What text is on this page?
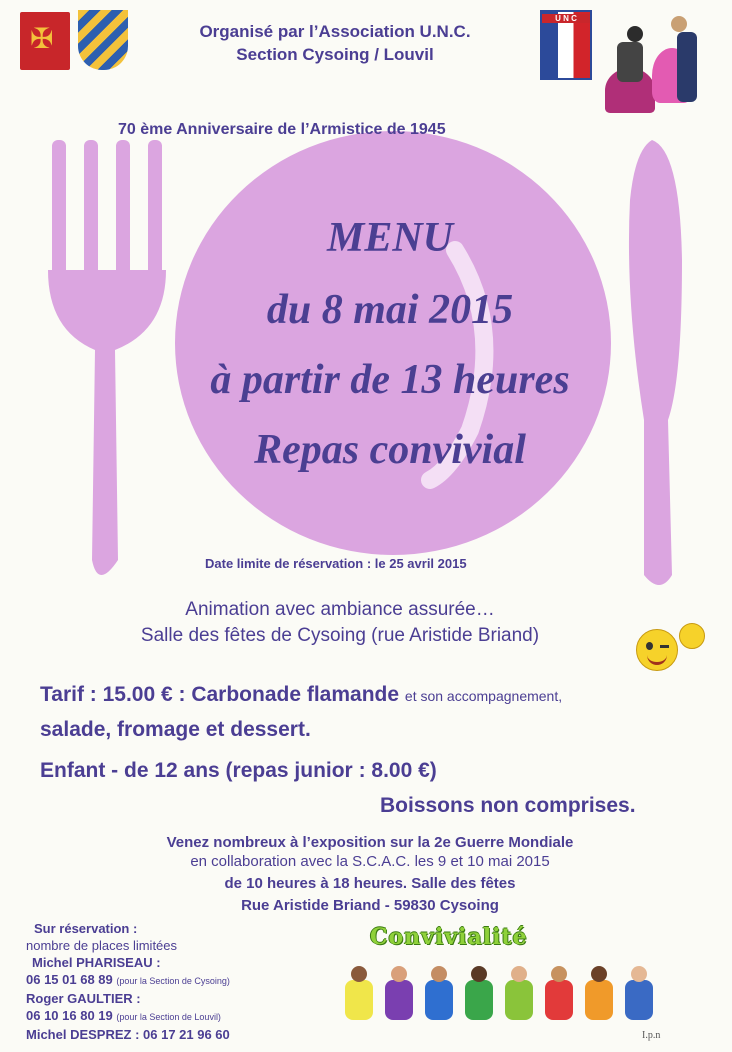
✠	Organisé par l’Association U.N.C.
Section Cysoing / Louvil
U N C
70 ème Anniversaire de l’Armistice de 1945
MENU
du 8 mai 2015
à partir de 13 heures
Repas convivial
Date limite de réservation : le 25 avril 2015
Animation avec ambiance assurée…
Salle des fêtes de Cysoing (rue Aristide Briand)
Tarif : 15.00 € : Carbonade flamande et son accompagnement,
salade, fromage et dessert.
Enfant - de 12 ans (repas junior : 8.00 €)
Boissons non comprises.
Venez nombreux à l’exposition sur la 2e Guerre Mondiale
en collaboration avec la S.C.A.C. les 9 et 10 mai 2015
de 10 heures à 18 heures. Salle des fêtes
Rue Aristide Briand - 59830 Cysoing
Sur réservation :
nombre de places limitées
Michel PHARISEAU :
06 15 01 68 89 (pour la Section de Cysoing)
Roger GAULTIER :
06 10 16 80 19 (pour la Section de Louvil)
Michel DESPREZ : 06 17 21 96 60
Convivialité
I.p.n
